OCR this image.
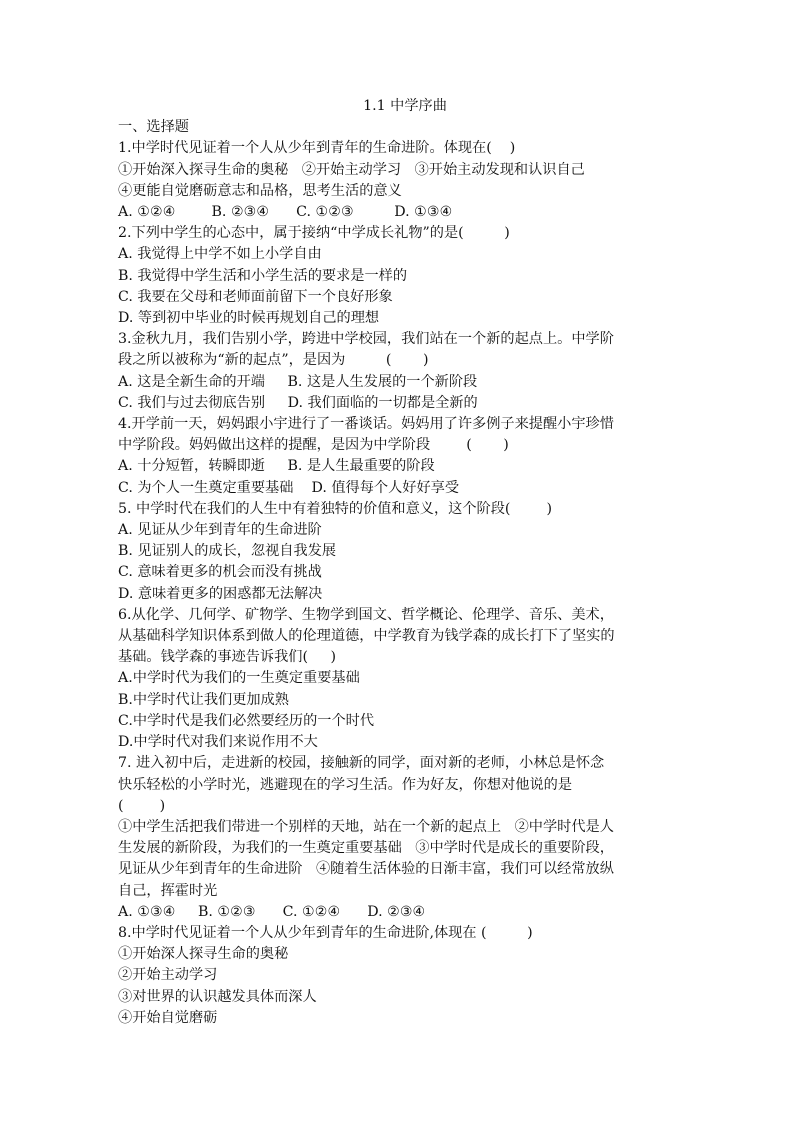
1.1 中学序曲
一、选择题
1.中学时代见证着一个人从少年到青年的生命进阶。体现在(    )
①开始深入探寻生命的奥秘   ②开始主动学习   ③开始主动发现和认识自己
④更能自觉磨砺意志和品格，思考生活的意义
A. ①②④        B. ②③④      C. ①②③         D. ①③④
2.下列中学生的心态中，属于接纳“中学成长礼物”的是(         )
A. 我觉得上中学不如上小学自由
B. 我觉得中学生活和小学生活的要求是一样的
C. 我要在父母和老师面前留下一个良好形象
D. 等到初中毕业的时候再规划自己的理想
3.金秋九月，我们告别小学，跨进中学校园，我们站在一个新的起点上。中学阶
段之所以被称为“新的起点”，是因为         (       )
A. 这是全新生命的开端     B. 这是人生发展的一个新阶段
C. 我们与过去彻底告别     D. 我们面临的一切都是全新的
4.开学前一天，妈妈跟小宇进行了一番谈话。妈妈用了许多例子来提醒小宇珍惜
中学阶段。妈妈做出这样的提醒，是因为中学阶段        (       )
A. 十分短暂，转瞬即逝     B. 是人生最重要的阶段
C. 为个人一生奠定重要基础    D. 值得每个人好好享受
5. 中学时代在我们的人生中有着独特的价值和意义，这个阶段(        )
A. 见证从少年到青年的生命进阶
B. 见证别人的成长，忽视自我发展
C. 意味着更多的机会而没有挑战
D. 意味着更多的困惑都无法解决
6.从化学、几何学、矿物学、生物学到国文、哲学概论、伦理学、音乐、美术，
从基础科学知识体系到做人的伦理道德，中学教育为钱学森的成长打下了坚实的
基础。钱学森的事迹告诉我们(     )
A.中学时代为我们的一生奠定重要基础
B.中学时代让我们更加成熟
C.中学时代是我们必然要经历的一个时代
D.中学时代对我们来说作用不大
7. 进入初中后，走进新的校园，接触新的同学，面对新的老师，小林总是怀念
快乐轻松的小学时光，逃避现在的学习生活。作为好友，你想对他说的是
(        )
①中学生活把我们带进一个别样的天地，站在一个新的起点上   ②中学时代是人
生发展的新阶段，为我们的一生奠定重要基础   ③中学时代是成长的重要阶段，
见证从少年到青年的生命进阶   ④随着生活体验的日渐丰富，我们可以经常放纵
自己，挥霍时光
A. ①③④     B. ①②③      C. ①②④      D. ②③④
8.中学时代见证着一个人从少年到青年的生命进阶,体现在 (         )
①开始深人探寻生命的奥秘
②开始主动学习
③对世界的认识越发具体而深人
④开始自觉磨砺
